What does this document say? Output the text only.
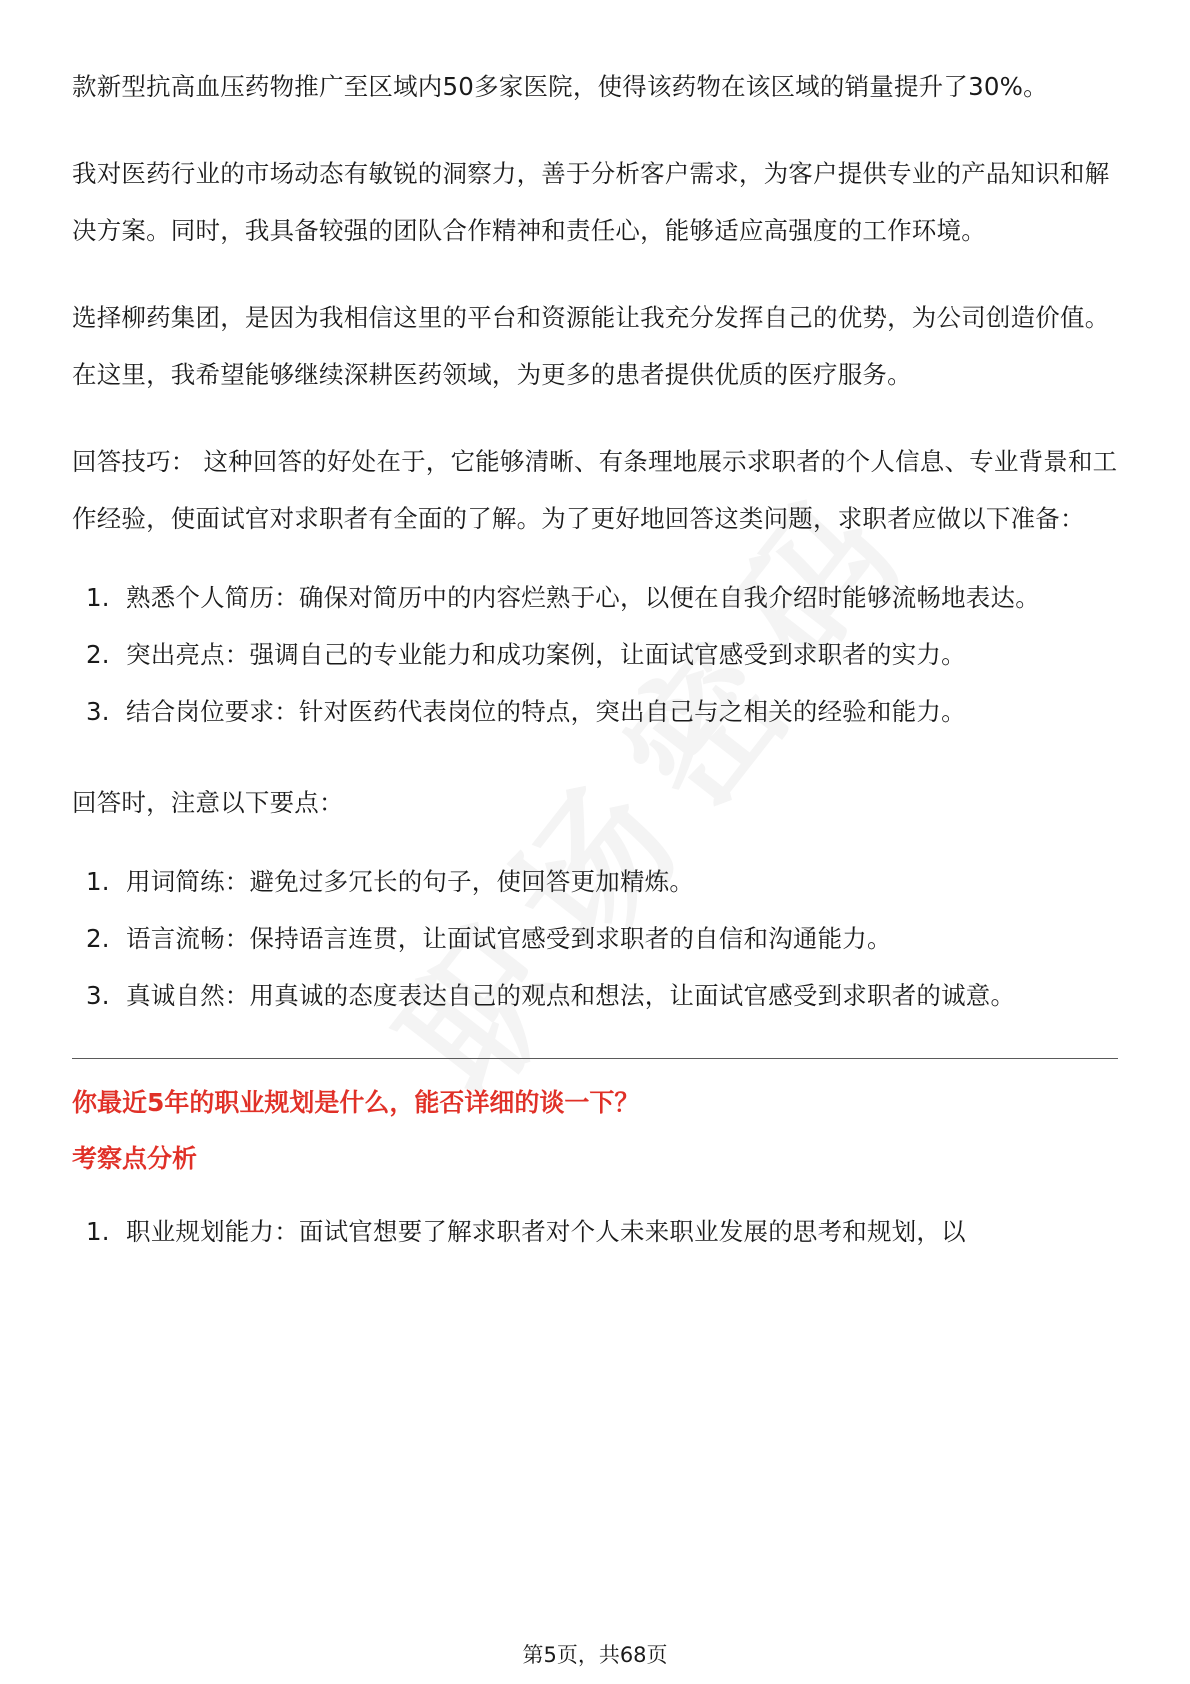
款新型抗高血压药物推广至区域内50多家医院，使得该药物在该区域的销量提升了30%。

我对医药行业的市场动态有敏锐的洞察力，善于分析客户需求，为客户提供专业的产品知识和解决方案。同时，我具备较强的团队合作精神和责任心，能够适应高强度的工作环境。

选择柳药集团，是因为我相信这里的平台和资源能让我充分发挥自己的优势，为公司创造价值。在这里，我希望能够继续深耕医药领域，为更多的患者提供优质的医疗服务。

回答技巧： 这种回答的好处在于，它能够清晰、有条理地展示求职者的个人信息、专业背景和工作经验，使面试官对求职者有全面的了解。为了更好地回答这类问题，求职者应做以下准备：

1. 熟悉个人简历：确保对简历中的内容烂熟于心，以便在自我介绍时能够流畅地表达。
2. 突出亮点：强调自己的专业能力和成功案例，让面试官感受到求职者的实力。
3. 结合岗位要求：针对医药代表岗位的特点，突出自己与之相关的经验和能力。

回答时，注意以下要点：

1. 用词简练：避免过多冗长的句子，使回答更加精炼。
2. 语言流畅：保持语言连贯，让面试官感受到求职者的自信和沟通能力。
3. 真诚自然：用真诚的态度表达自己的观点和想法，让面试官感受到求职者的诚意。

你最近5年的职业规划是什么，能否详细的谈一下？

考察点分析

1. 职业规划能力：面试官想要了解求职者对个人未来职业发展的思考和规划，以
第5页，共68页
